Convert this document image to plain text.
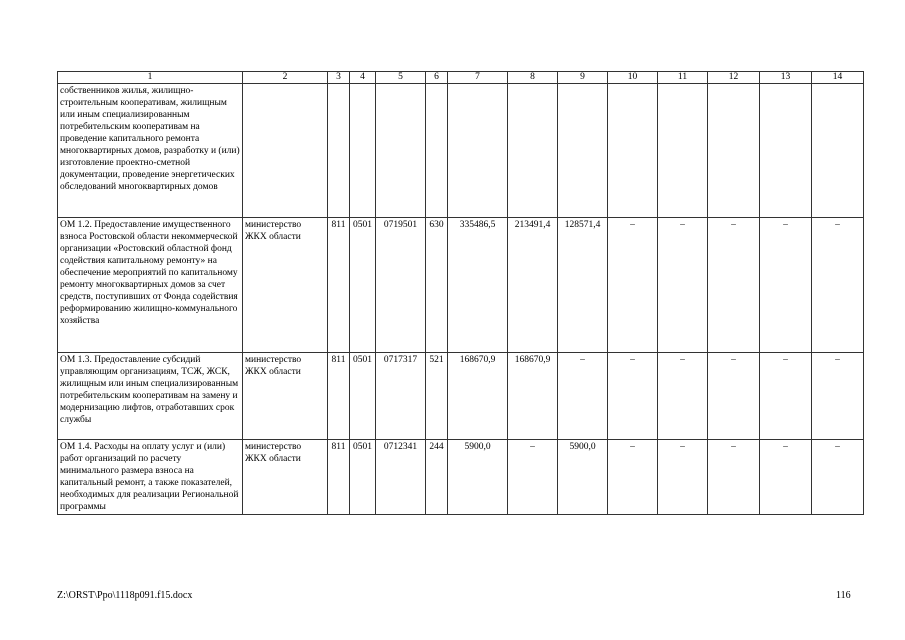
1	2	3	4	5	6	7	8	9	10	11	12	13	14
собственников жилья, жилищно-строительным кооперативам, жилищным или иным специализированным потребительским кооперативам на проведение капитального ремонта многоквартирных домов, разработку и (или) изготовление проектно-сметной документации, проведение энергетических обследований многоквартирных домов													
ОМ 1.2. Предоставление имущественного взноса Ростовской области некоммерческой организации «Ростовский областной фонд содействия капитальному ремонту» на обеспечение мероприятий по капитальному ремонту многоквартирных домов за счет средств, поступивших от Фонда содействия реформированию жилищно-коммунального хозяйства	министерство ЖКХ области	811	0501	0719501	630	335486,5	213491,4	128571,4	–	–	–	–	–
ОМ 1.3. Предоставление субсидий управляющим организациям, ТСЖ, ЖСК, жилищным или иным специализированным потребительским кооперативам на замену и модернизацию лифтов, отработавших срок службы	министерство ЖКХ области	811	0501	0717317	521	168670,9	168670,9	–	–	–	–	–	–
ОМ 1.4. Расходы на оплату услуг и (или) работ организаций по расчету минимального размера взноса на капитальный ремонт, а также показателей, необходимых для реализации Региональной программы	министерство ЖКХ области	811	0501	0712341	244	5900,0	–	5900,0	–	–	–	–	–
Z:\ORST\Ppo\1118p091.f15.docx	116
